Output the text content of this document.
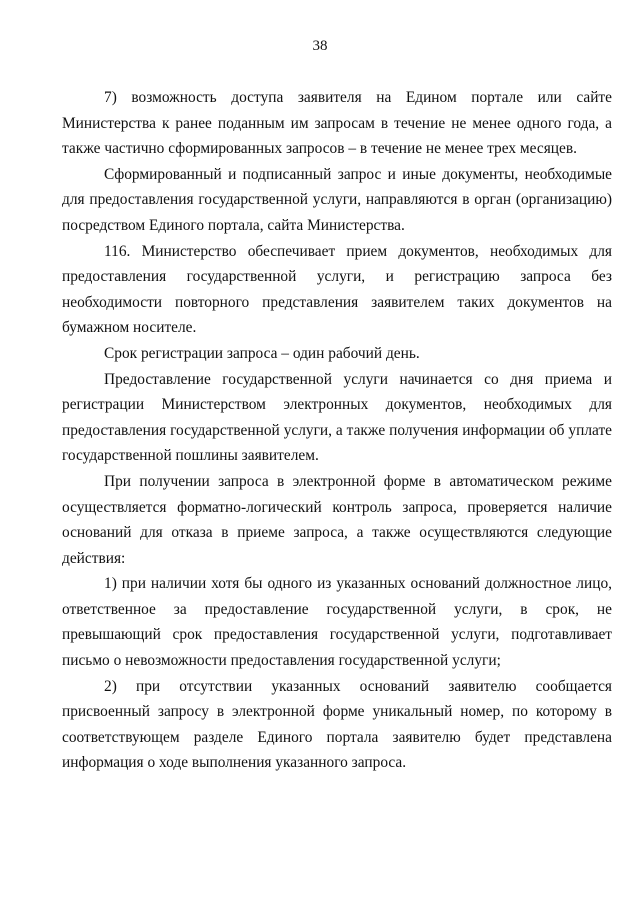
38

7) возможность доступа заявителя на Едином портале или сайте Министерства к ранее поданным им запросам в течение не менее одного года, а также частично сформированных запросов – в течение не менее трех месяцев.

Сформированный и подписанный запрос и иные документы, необходимые для предоставления государственной услуги, направляются в орган (организацию) посредством Единого портала, сайта Министерства.

116. Министерство обеспечивает прием документов, необходимых для предоставления государственной услуги, и регистрацию запроса без необходимости повторного представления заявителем таких документов на бумажном носителе.

Срок регистрации запроса – один рабочий день.

Предоставление государственной услуги начинается со дня приема и регистрации Министерством электронных документов, необходимых для предоставления государственной услуги, а также получения информации об уплате государственной пошлины заявителем.

При получении запроса в электронной форме в автоматическом режиме осуществляется форматно-логический контроль запроса, проверяется наличие оснований для отказа в приеме запроса, а также осуществляются следующие действия:

1) при наличии хотя бы одного из указанных оснований должностное лицо, ответственное за предоставление государственной услуги, в срок, не превышающий срок предоставления государственной услуги, подготавливает письмо о невозможности предоставления государственной услуги;

2) при отсутствии указанных оснований заявителю сообщается присвоенный запросу в электронной форме уникальный номер, по которому в соответствующем разделе Единого портала заявителю будет представлена информация о ходе выполнения указанного запроса.
